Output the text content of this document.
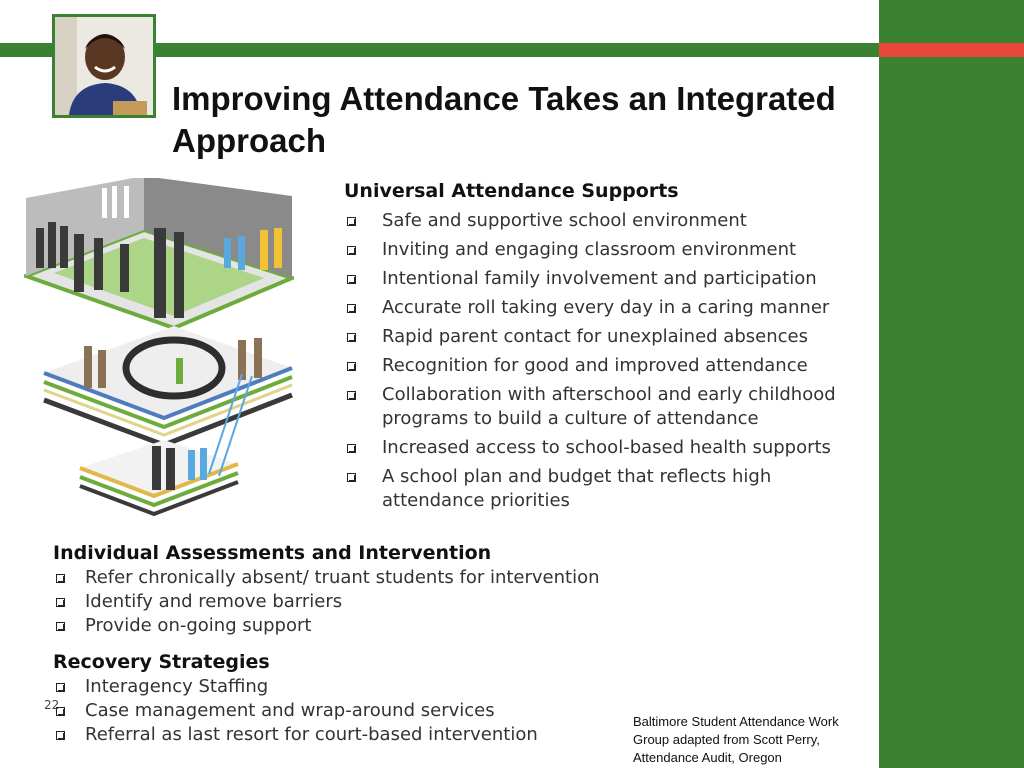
Improving Attendance Takes an Integrated Approach
Universal Attendance Supports
Safe and supportive school environment
Inviting and engaging classroom environment
Intentional family involvement and participation
Accurate roll taking every day in a caring manner
Rapid parent contact for unexplained absences
Recognition for good and improved attendance
Collaboration with afterschool and early childhood programs to build a culture of attendance
Increased access to school-based health supports
A school plan and budget that reflects high attendance priorities
Individual Assessments and Intervention
Refer chronically absent/ truant students for intervention
Identify and remove barriers
Provide on-going support
Recovery Strategies
Interagency Staffing
Case management and wrap-around services
Referral as last resort for court-based intervention
22
Baltimore Student Attendance Work Group adapted from Scott Perry, Attendance Audit, Oregon
